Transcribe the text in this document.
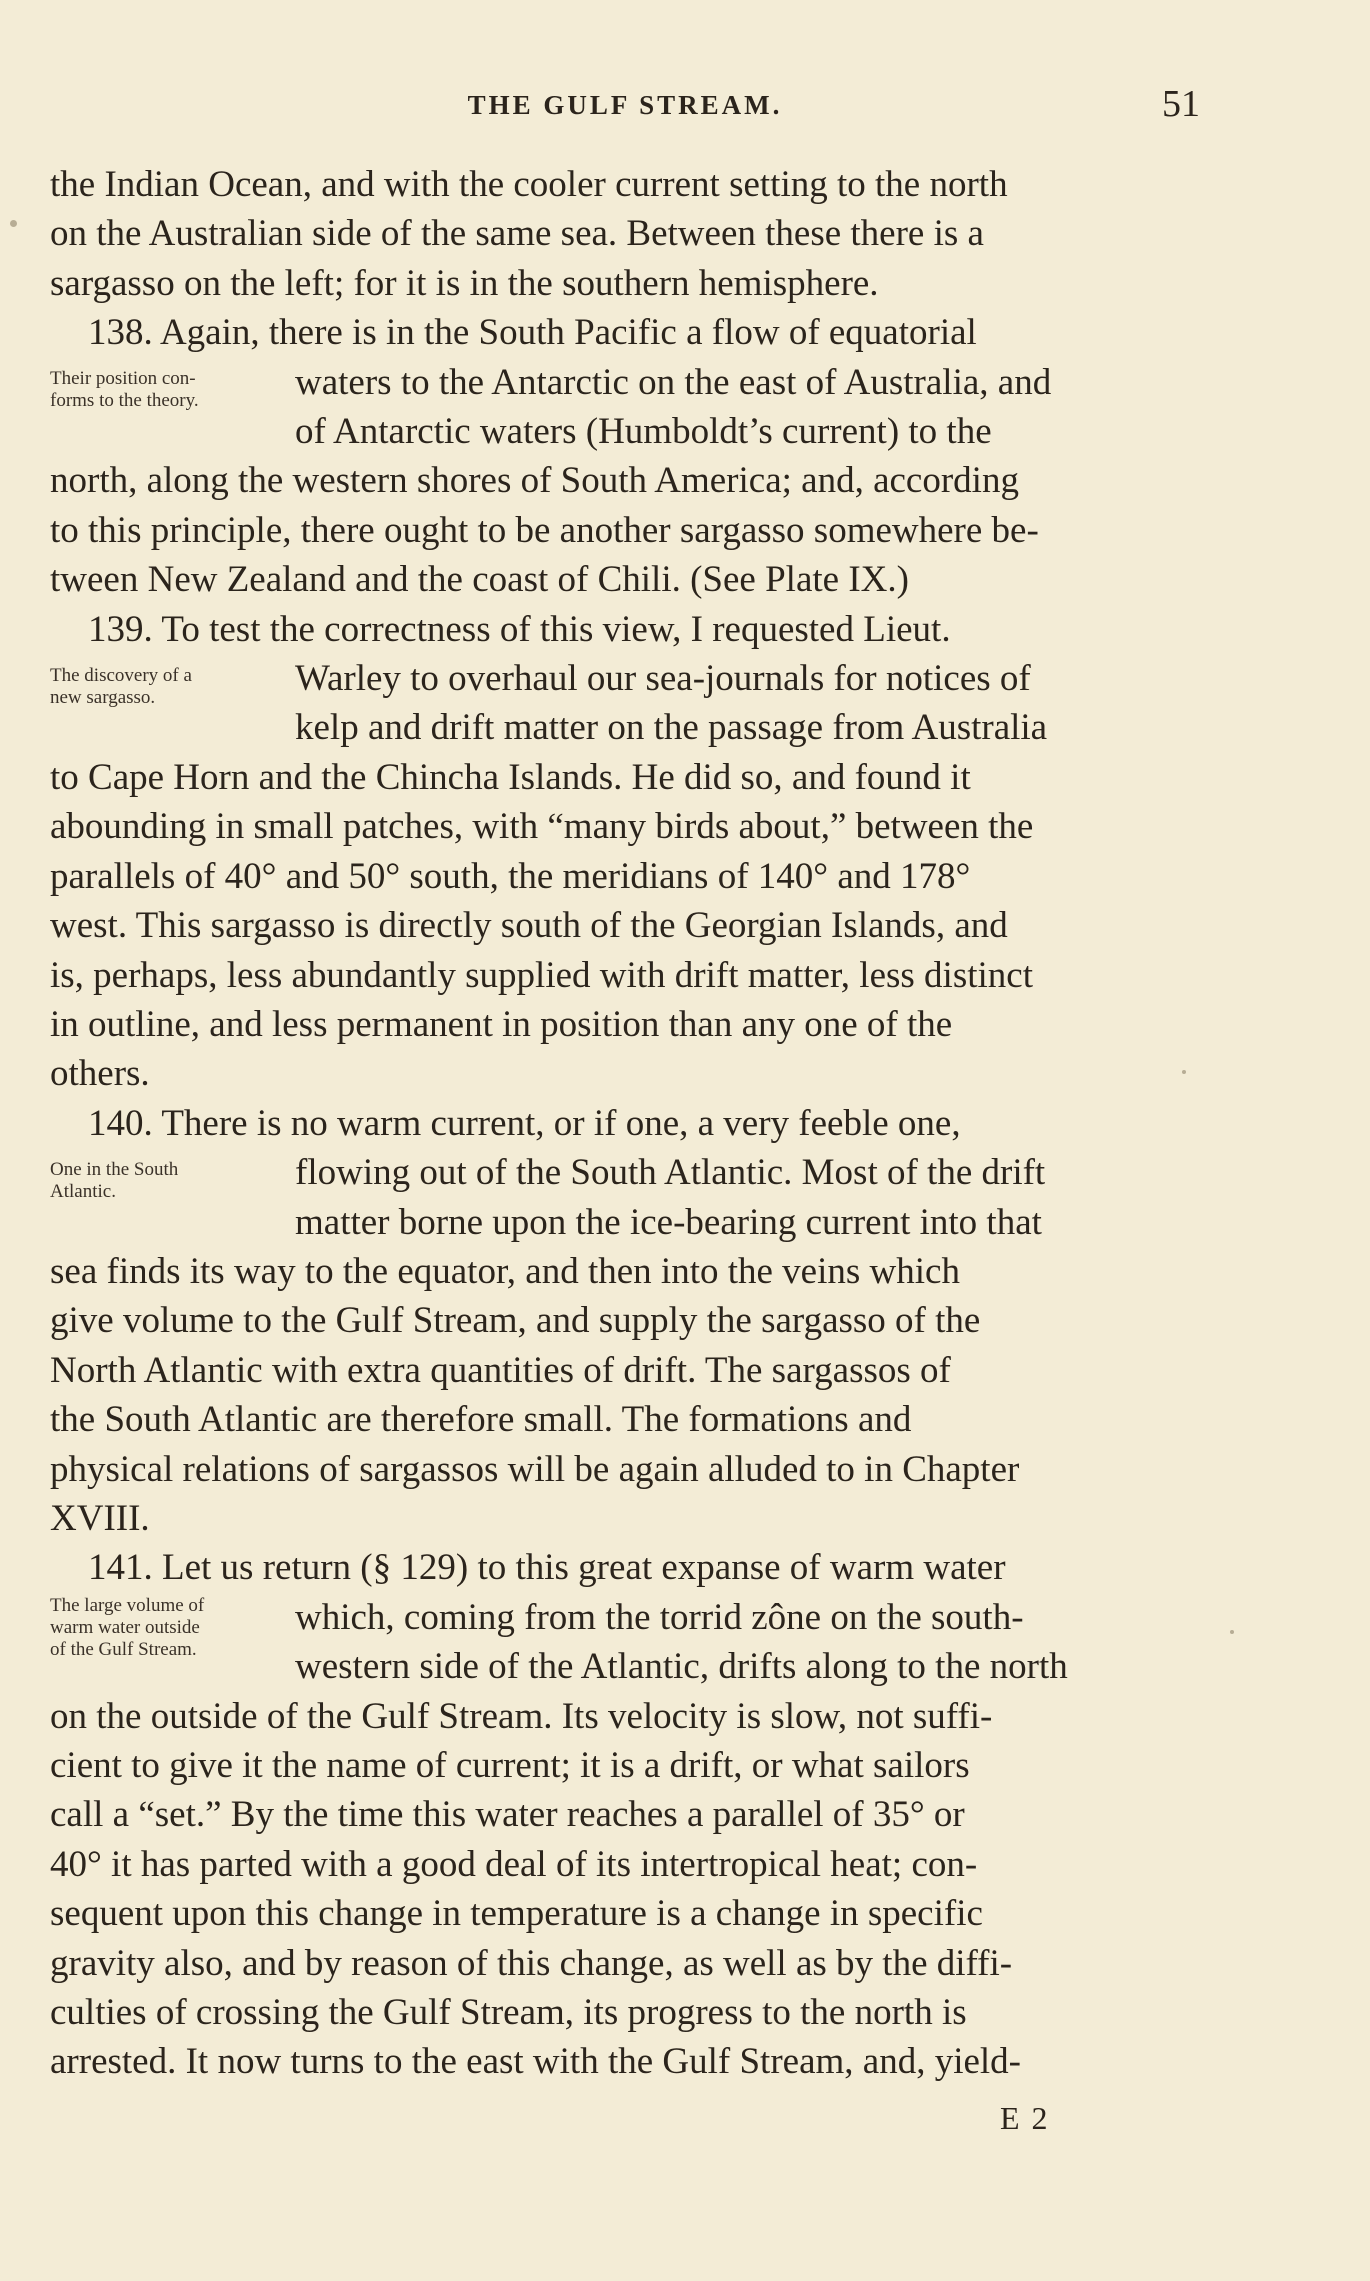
THE GULF STREAM.	51

the Indian Ocean, and with the cooler current setting to the north
on the Australian side of the same sea. Between these there is a
sargasso on the left; for it is in the southern hemisphere.

Their position con-
forms to the theory.
138. Again, there is in the South Pacific a flow of equatorial
waters to the Antarctic on the east of Australia, and
of Antarctic waters (Humboldt’s current) to the
north, along the western shores of South America; and, according
to this principle, there ought to be another sargasso somewhere be-
tween New Zealand and the coast of Chili. (See Plate IX.)
The discovery of a
new sargasso.
139. To test the correctness of this view, I requested Lieut.
Warley to overhaul our sea-journals for notices of
kelp and drift matter on the passage from Australia
to Cape Horn and the Chincha Islands. He did so, and found it
abounding in small patches, with “many birds about,” between the
parallels of 40° and 50° south, the meridians of 140° and 178°
west. This sargasso is directly south of the Georgian Islands, and
is, perhaps, less abundantly supplied with drift matter, less distinct
in outline, and less permanent in position than any one of the
others.
One in the South
Atlantic.
140. There is no warm current, or if one, a very feeble one,
flowing out of the South Atlantic. Most of the drift
matter borne upon the ice-bearing current into that
sea finds its way to the equator, and then into the veins which
give volume to the Gulf Stream, and supply the sargasso of the
North Atlantic with extra quantities of drift. The sargassos of
the South Atlantic are therefore small. The formations and
physical relations of sargassos will be again alluded to in Chapter
XVIII.
The large volume of
warm water outside
of the Gulf Stream.
141. Let us return (§ 129) to this great expanse of warm water
which, coming from the torrid zône on the south-
western side of the Atlantic, drifts along to the north
on the outside of the Gulf Stream. Its velocity is slow, not suffi-
cient to give it the name of current; it is a drift, or what sailors
call a “set.” By the time this water reaches a parallel of 35° or
40° it has parted with a good deal of its intertropical heat; con-
sequent upon this change in temperature is a change in specific
gravity also, and by reason of this change, as well as by the diffi-
culties of crossing the Gulf Stream, its progress to the north is
arrested. It now turns to the east with the Gulf Stream, and, yield-
E 2
